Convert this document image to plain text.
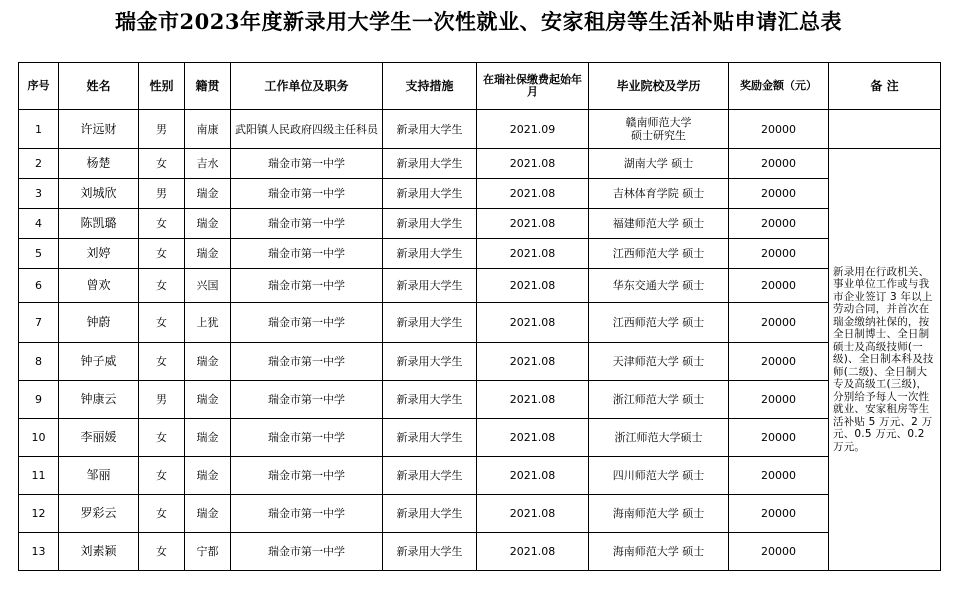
瑞金市2023年度新录用大学生一次性就业、安家租房等生活补贴申请汇总表
序号	姓名	性别	籍贯	工作单位及职务	支持措施	在瑞社保缴费起始年月	毕业院校及学历	奖励金额（元）	备 注
1	许远财	男	南康	武阳镇人民政府四级主任科员	新录用大学生	2021.09	赣南师范大学
硕士研究生	20000	
2	杨楚	女	吉水	瑞金市第一中学	新录用大学生	2021.08	湖南大学 硕士	20000	新录用在行政机关、事业单位工作或与我市企业签订 3 年以上劳动合同，并首次在瑞金缴纳社保的，按全日制博士、全日制硕士及高级技师(一级)、全日制本科及技师(二级)、全日制大专及高级工(三级)，分别给予每人一次性就业、安家租房等生活补贴 5 万元、2 万元、0.5 万元、0.2 万元。
3	刘城欣	男	瑞金	瑞金市第一中学	新录用大学生	2021.08	吉林体育学院 硕士	20000	
4	陈凯璐	女	瑞金	瑞金市第一中学	新录用大学生	2021.08	福建师范大学 硕士	20000	
5	刘婷	女	瑞金	瑞金市第一中学	新录用大学生	2021.08	江西师范大学 硕士	20000	
6	曾欢	女	兴国	瑞金市第一中学	新录用大学生	2021.08	华东交通大学 硕士	20000	
7	钟蔚	女	上犹	瑞金市第一中学	新录用大学生	2021.08	江西师范大学 硕士	20000	
8	钟子威	女	瑞金	瑞金市第一中学	新录用大学生	2021.08	天津师范大学 硕士	20000	
9	钟康云	男	瑞金	瑞金市第一中学	新录用大学生	2021.08	浙江师范大学 硕士	20000	
10	李丽媛	女	瑞金	瑞金市第一中学	新录用大学生	2021.08	浙江师范大学硕士	20000	
11	邹丽	女	瑞金	瑞金市第一中学	新录用大学生	2021.08	四川师范大学 硕士	20000	
12	罗彩云	女	瑞金	瑞金市第一中学	新录用大学生	2021.08	海南师范大学 硕士	20000	
13	刘素颖	女	宁都	瑞金市第一中学	新录用大学生	2021.08	海南师范大学 硕士	20000	
